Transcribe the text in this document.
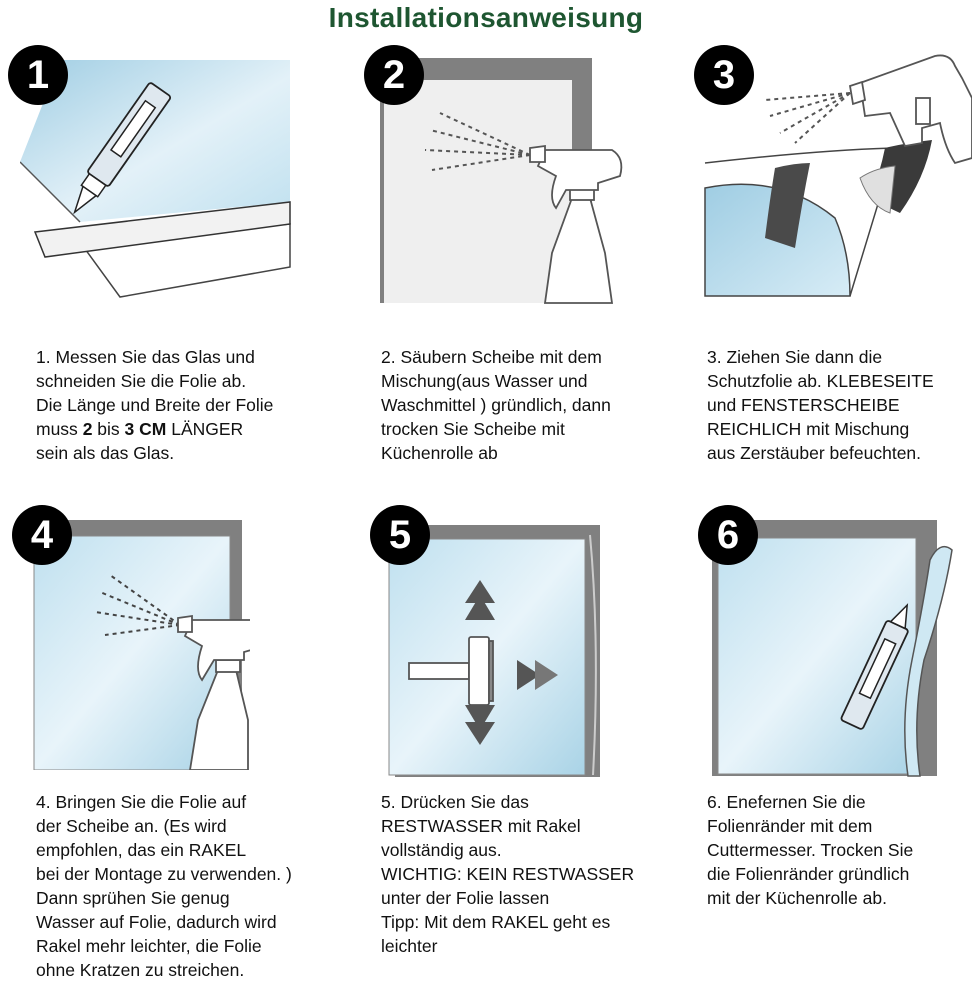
Installationsanweisung
1
1. Messen Sie das Glas und
schneiden Sie die Folie ab.
Die Länge und Breite der Folie
muss 2 bis 3 CM LÄNGER
sein als das Glas.
2
2. Säubern Scheibe mit dem
Mischung(aus Wasser und
Waschmittel ) gründlich, dann
trocken Sie Scheibe mit
Küchenrolle ab
3
3. Ziehen Sie dann die
Schutzfolie ab. KLEBESEITE
und FENSTERSCHEIBE
REICHLICH mit Mischung
aus Zerstäuber befeuchten.
4
4. Bringen Sie die Folie auf
der Scheibe an. (Es wird
empfohlen, das ein RAKEL
bei der Montage zu verwenden. )
Dann sprühen Sie genug
Wasser auf Folie, dadurch wird
Rakel mehr leichter, die Folie
ohne Kratzen zu streichen.
5
5. Drücken Sie das
RESTWASSER mit Rakel
vollständig aus.
WICHTIG: KEIN RESTWASSER
unter der Folie lassen
Tipp: Mit dem RAKEL geht es
leichter
6
6. Enefernen Sie die
Folienränder mit dem
Cuttermesser. Trocken Sie
die Folienränder gründlich
mit der Küchenrolle ab.
